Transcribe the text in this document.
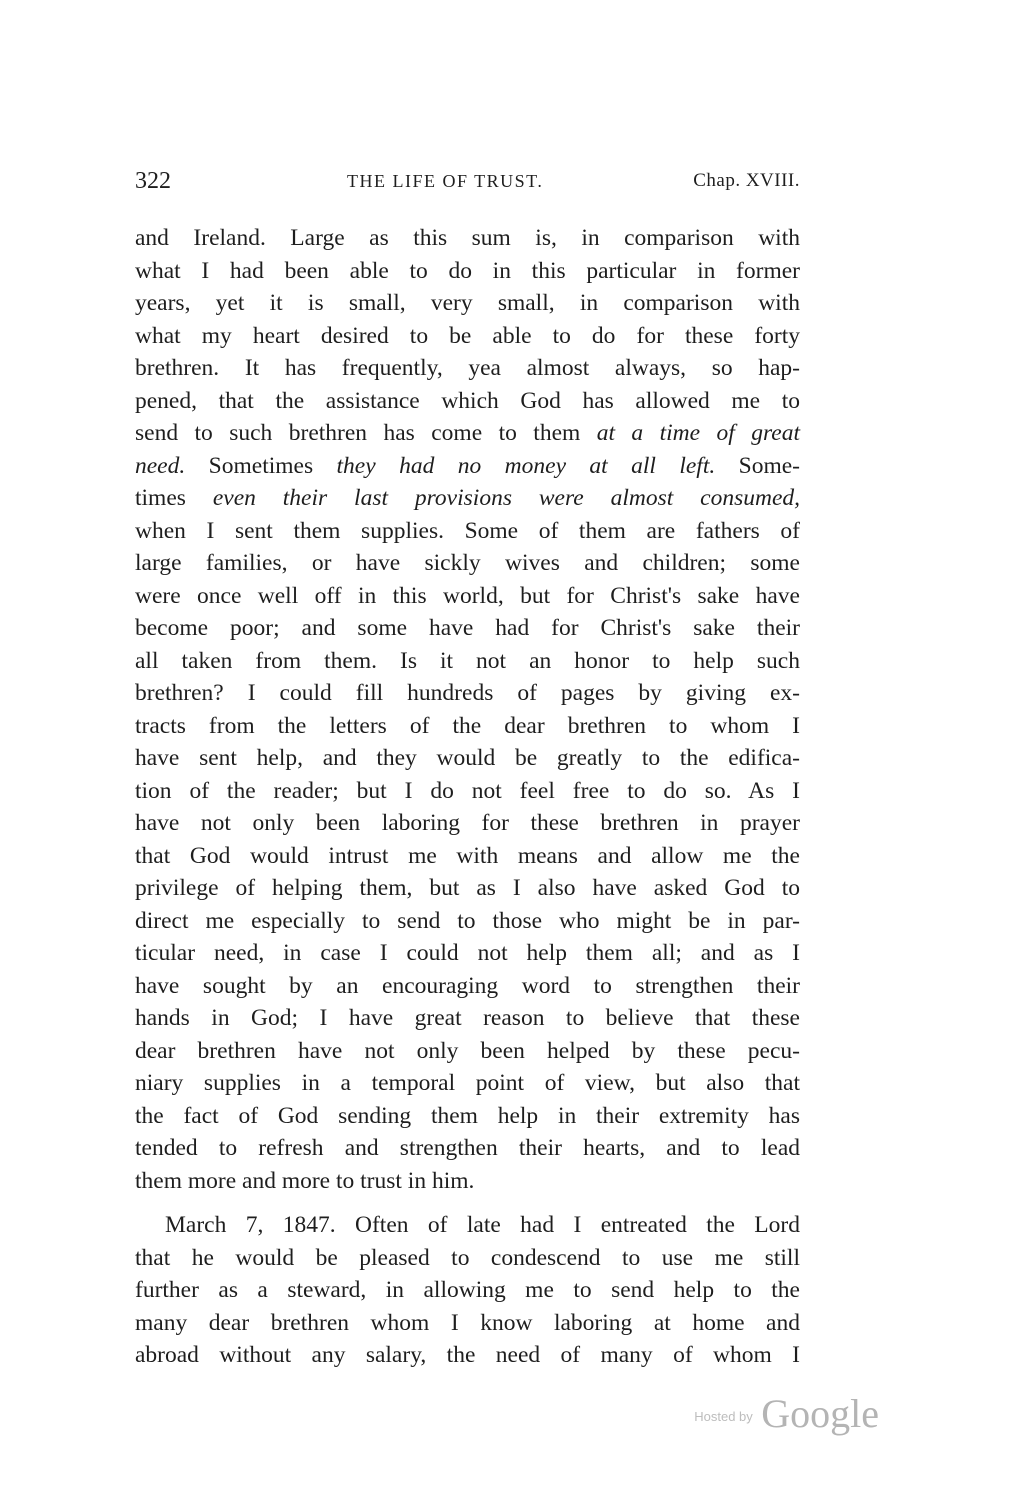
322	THE LIFE OF TRUST.	Chap. XVIII.
and Ireland. Large as this sum is, in comparison with
what I had been able to do in this particular in former
years, yet it is small, very small, in comparison with
what my heart desired to be able to do for these forty
brethren. It has frequently, yea almost always, so hap-
pened, that the assistance which God has allowed me to
send to such brethren has come to them at a time of great
need. Sometimes they had no money at all left. Some-
times even their last provisions were almost consumed,
when I sent them supplies. Some of them are fathers of
large families, or have sickly wives and children; some
were once well off in this world, but for Christ's sake have
become poor; and some have had for Christ's sake their
all taken from them. Is it not an honor to help such
brethren? I could fill hundreds of pages by giving ex-
tracts from the letters of the dear brethren to whom I
have sent help, and they would be greatly to the edifica-
tion of the reader; but I do not feel free to do so. As I
have not only been laboring for these brethren in prayer
that God would intrust me with means and allow me the
privilege of helping them, but as I also have asked God to
direct me especially to send to those who might be in par-
ticular need, in case I could not help them all; and as I
have sought by an encouraging word to strengthen their
hands in God; I have great reason to believe that these
dear brethren have not only been helped by these pecu-
niary supplies in a temporal point of view, but also that
the fact of God sending them help in their extremity has
tended to refresh and strengthen their hearts, and to lead
them more and more to trust in him.
March 7, 1847. Often of late had I entreated the Lord
that he would be pleased to condescend to use me still
further as a steward, in allowing me to send help to the
many dear brethren whom I know laboring at home and
abroad without any salary, the need of many of whom I
$^{Hosted by}$ Google
